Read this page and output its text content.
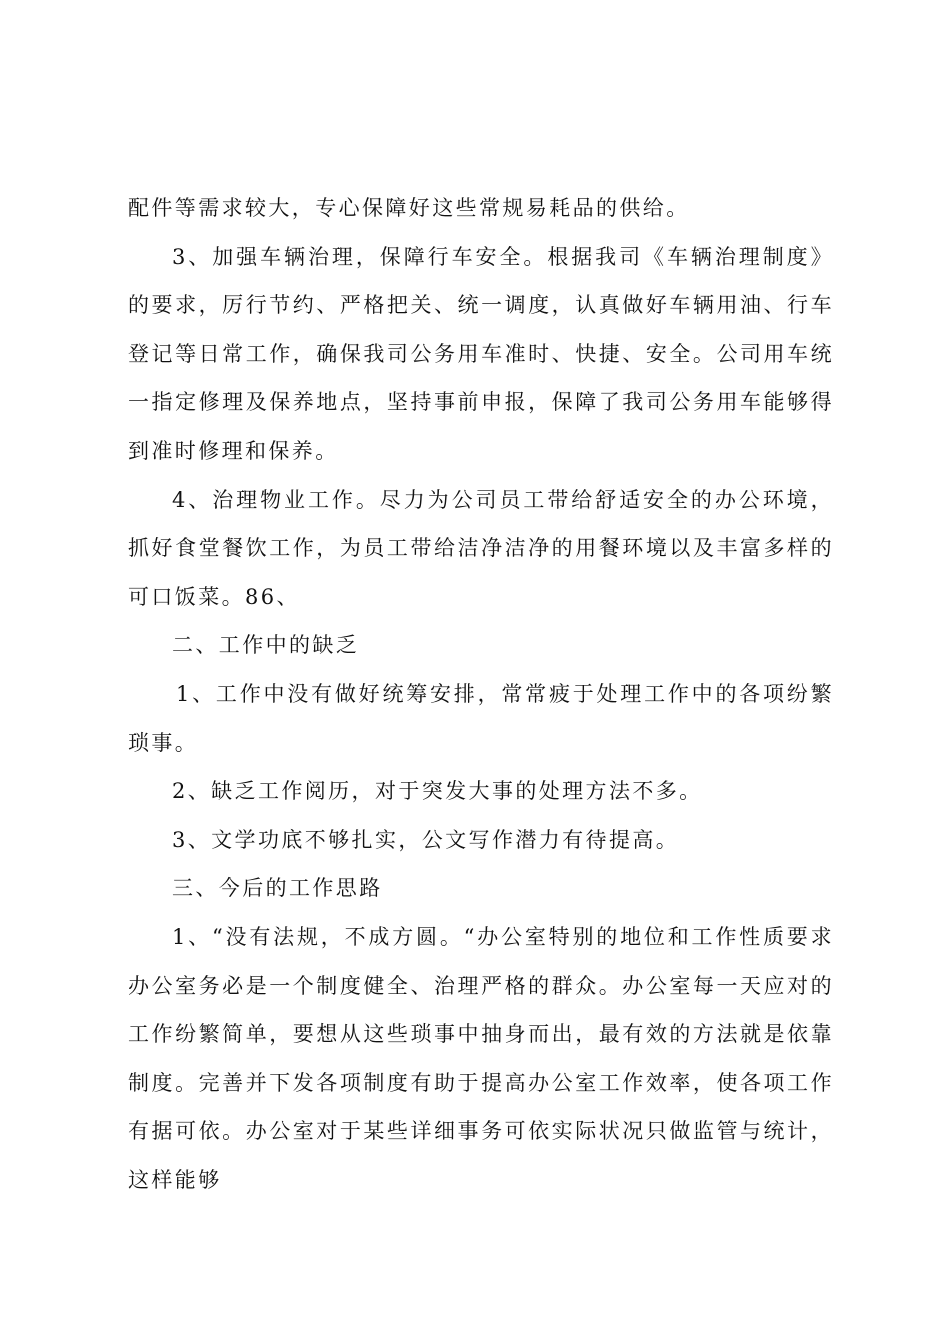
配件等需求较大，专心保障好这些常规易耗品的供给。

3、加强车辆治理，保障行车安全。根据我司《车辆治理制度》的要求，厉行节约、严格把关、统一调度，认真做好车辆用油、行车登记等日常工作，确保我司公务用车准时、快捷、安全。公司用车统一指定修理及保养地点，坚持事前申报，保障了我司公务用车能够得到准时修理和保养。

4、治理物业工作。尽力为公司员工带给舒适安全的办公环境，抓好食堂餐饮工作，为员工带给洁净洁净的用餐环境以及丰富多样的可口饭菜。86、

二、工作中的缺乏

1、工作中没有做好统筹安排，常常疲于处理工作中的各项纷繁琐事。

2、缺乏工作阅历，对于突发大事的处理方法不多。

3、文学功底不够扎实，公文写作潜力有待提高。

三、今后的工作思路

1、“没有法规，不成方圆。“办公室特别的地位和工作性质要求办公室务必是一个制度健全、治理严格的群众。办公室每一天应对的工作纷繁简单，要想从这些琐事中抽身而出，最有效的方法就是依靠制度。完善并下发各项制度有助于提高办公室工作效率，使各项工作有据可依。办公室对于某些详细事务可依实际状况只做监管与统计，这样能够
